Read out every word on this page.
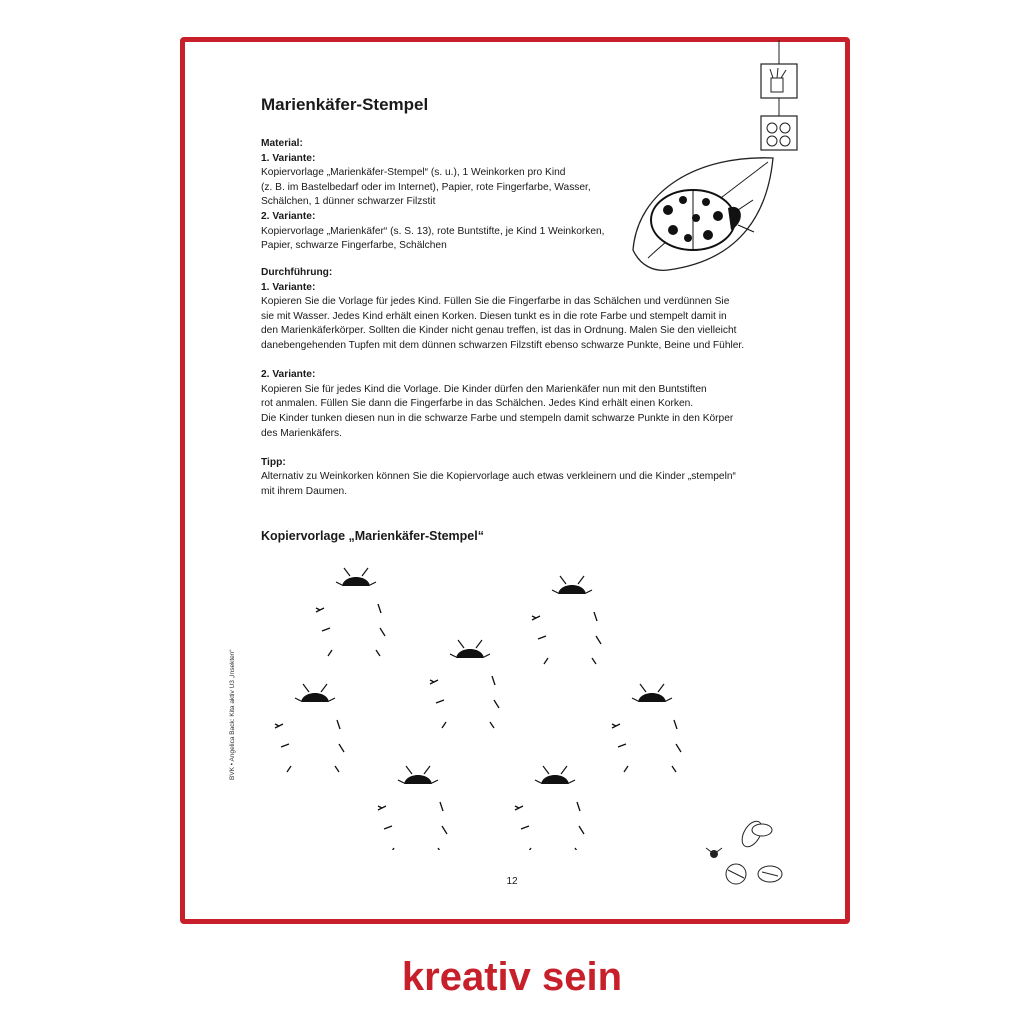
Marienkäfer-Stempel

Material:

1. Variante:

Kopiervorlage „Marienkäfer-Stempel“ (s. u.), 1 Weinkorken pro Kind

(z. B. im Bastelbedarf oder im Internet), Papier, rote Fingerfarbe, Wasser,

Schälchen, 1 dünner schwarzer Filzstit

2. Variante:

Kopiervorlage „Marienkäfer“ (s. S. 13), rote Buntstifte, je Kind 1 Weinkorken,

Papier, schwarze Fingerfarbe, Schälchen

Durchführung:

1. Variante:

Kopieren Sie die Vorlage für jedes Kind. Füllen Sie die Fingerfarbe in das Schälchen und verdünnen Sie

sie mit Wasser. Jedes Kind erhält einen Korken. Diesen tunkt es in die rote Farbe und stempelt damit in

den Marienkäferkörper. Sollten die Kinder nicht genau treffen, ist das in Ordnung. Malen Sie den vielleicht

danebengehenden Tupfen mit dem dünnen schwarzen Filzstift ebenso schwarze Punkte, Beine und Fühler.

2. Variante:

Kopieren Sie für jedes Kind die Vorlage. Die Kinder dürfen den Marienkäfer nun mit den Buntstiften

rot anmalen. Füllen Sie dann die Fingerfarbe in das Schälchen. Jedes Kind erhält einen Korken.

Die Kinder tunken diesen nun in die schwarze Farbe und stempeln damit schwarze Punkte in den Körper

des Marienkäfers.

Tipp:

Alternativ zu Weinkorken können Sie die Kopiervorlage auch etwas verkleinern und die Kinder „stempeln“

mit ihrem Daumen.

Kopiervorlage „Marienkäfer-Stempel“
BVK • Angelica Back: Kita aktiv U3 „Insekten“
12
kreativ sein
